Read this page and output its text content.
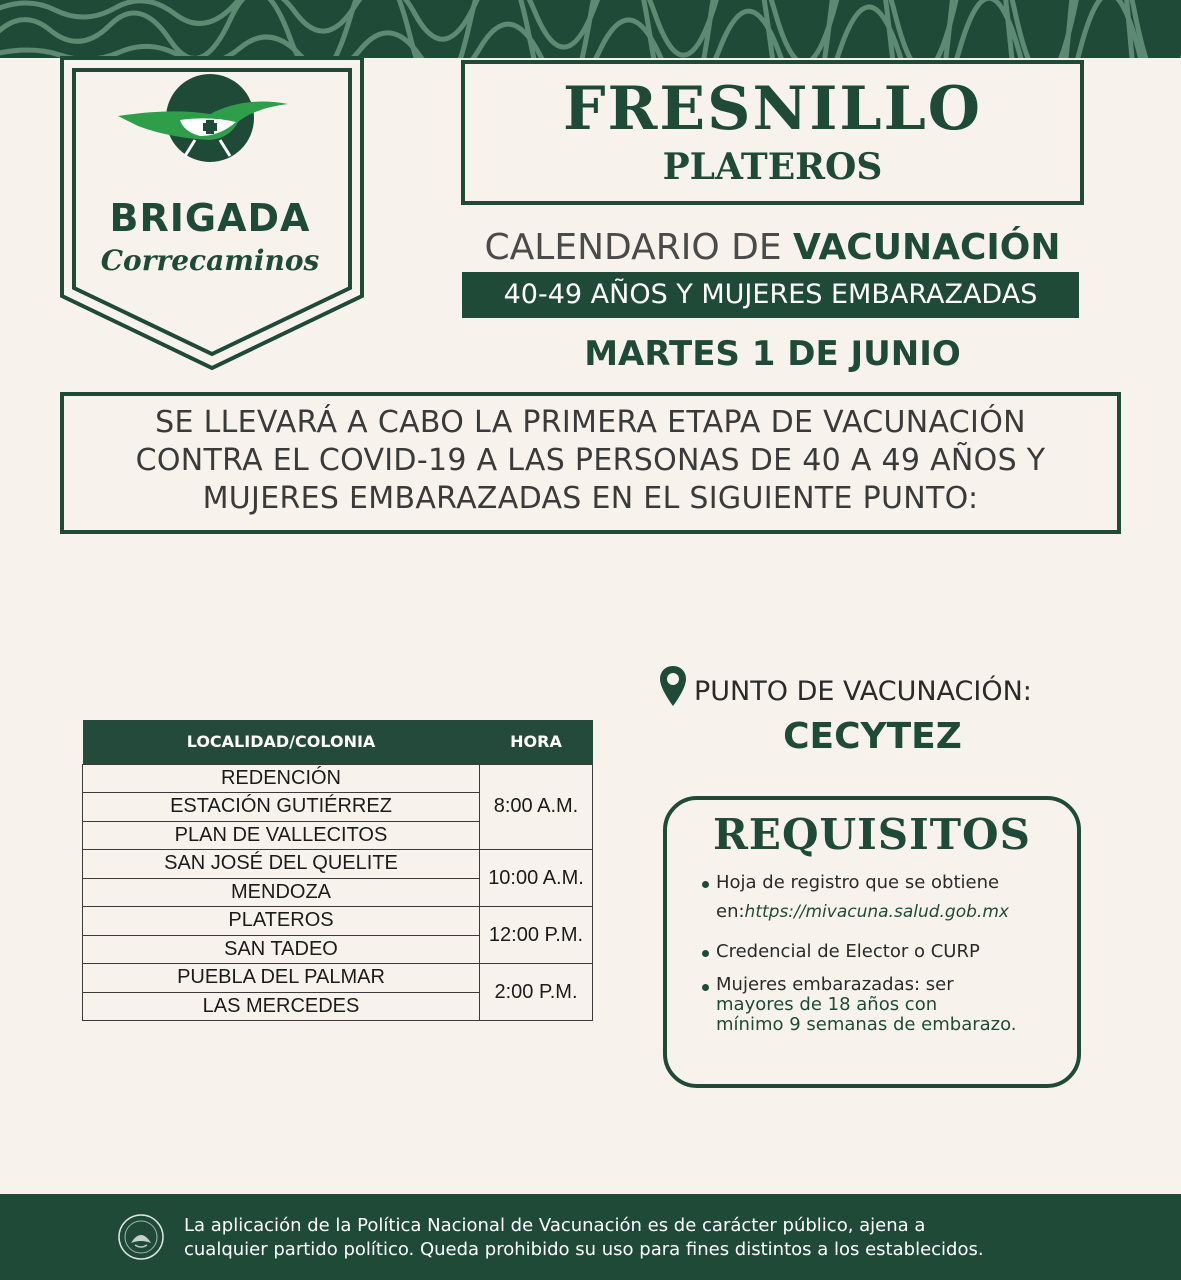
BRIGADA
Correcaminos
FRESNILLO
PLATEROS
CALENDARIO DE VACUNACIÓN
40-49 AÑOS Y MUJERES EMBARAZADAS
MARTES 1 DE JUNIO
SE LLEVARÁ A CABO LA PRIMERA ETAPA DE VACUNACIÓN
CONTRA EL COVID-19 A LAS PERSONAS DE 40 A 49 AÑOS Y
MUJERES EMBARAZADAS EN EL SIGUIENTE PUNTO:
LOCALIDAD/COLONIA	HORA
REDENCIÓN	8:00 A.M.
ESTACIÓN GUTIÉRREZ	
PLAN DE VALLECITOS	
SAN JOSÉ DEL QUELITE	10:00 A.M.
MENDOZA	
PLATEROS	12:00 P.M.
SAN TADEO	
PUEBLA DEL PALMAR	2:00 P.M.
LAS MERCEDES	
PUNTO DE VACUNACIÓN:
CECYTEZ
REQUISITOS
Hoja de registro que se obtiene
en:https://mivacuna.salud.gob.mx
Credencial de Elector o CURP
Mujeres embarazadas: ser
mayores de 18 años con
mínimo 9 semanas de embarazo.
La aplicación de la Política Nacional de Vacunación es de carácter público, ajena a
cualquier partido político. Queda prohibido su uso para fines distintos a los establecidos.
